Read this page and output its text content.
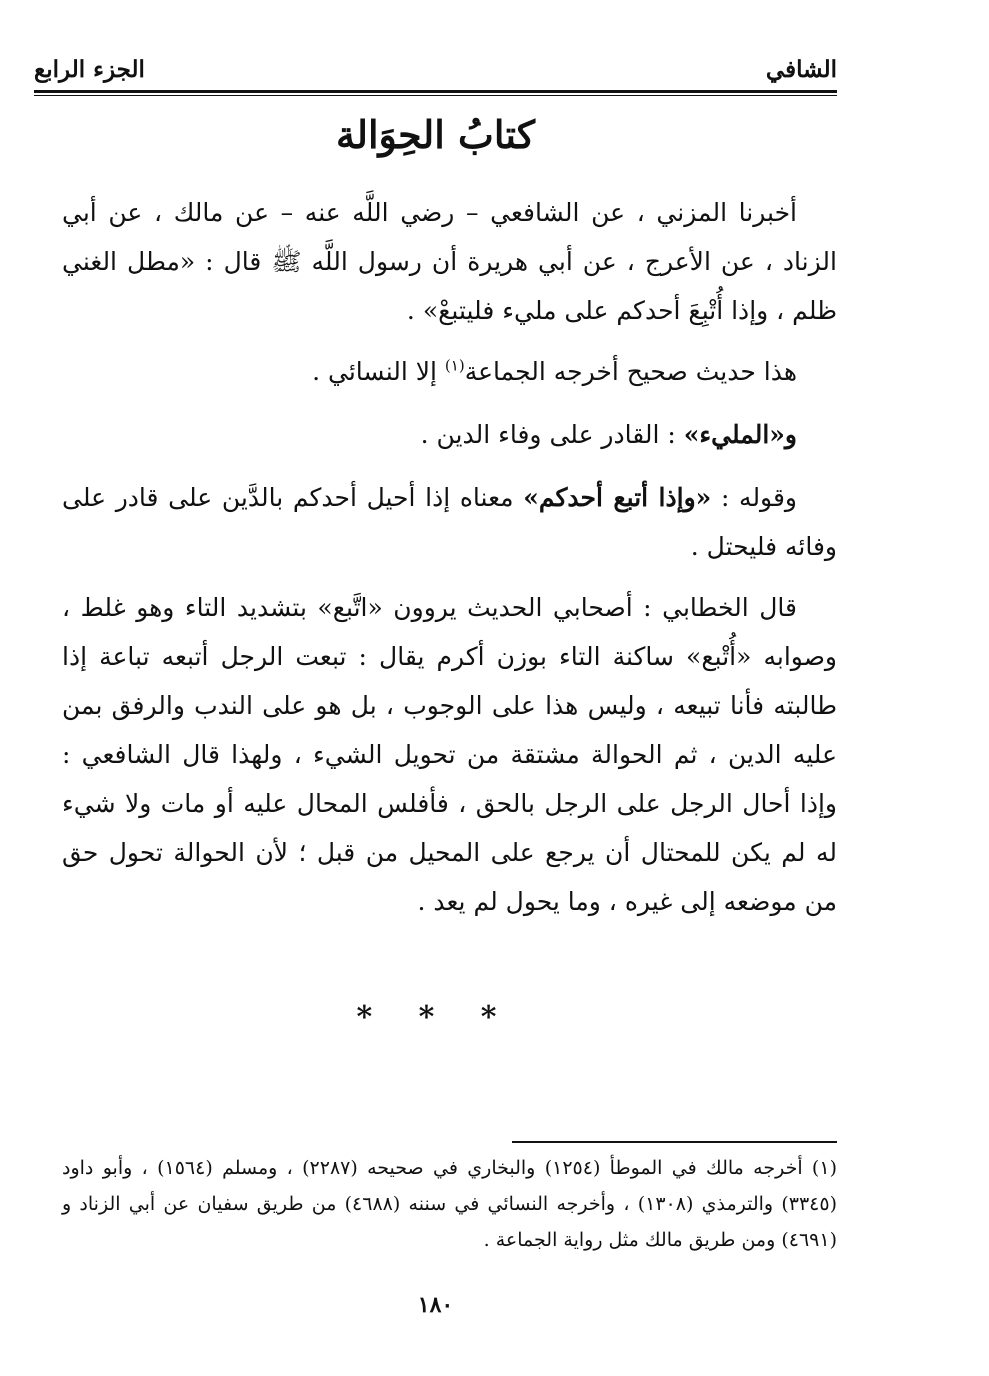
الشافي
الجزء الرابع
كتابُ الحِوَالة

أخبرنا المزني ، عن الشافعي – رضي اللَّه عنه – عن مالك ، عن أبي الزناد ، عن الأعرج ، عن أبي هريرة أن رسول اللَّه ﷺ قال : «مطل الغني ظلم ، وإذا أُتْبِعَ أحدكم على مليء فليتبعْ» .

هذا حديث صحيح أخرجه الجماعة$^{(١)}$ إلا النسائي .

و«المليء» : القادر على وفاء الدين .

وقوله : «وإذا أتبع أحدكم» معناه إذا أحيل أحدكم بالدَّين على قادر على وفائه فليحتل .

قال الخطابي : أصحابي الحديث يروون «اتَّبع» بتشديد التاء وهو غلط ، وصوابه «أُتْبع» ساكنة التاء بوزن أكرم يقال : تبعت الرجل أتبعه تباعة إذا طالبته فأنا تبيعه ، وليس هذا على الوجوب ، بل هو على الندب والرفق بمن عليه الدين ، ثم الحوالة مشتقة من تحويل الشيء ، ولهذا قال الشافعي : وإذا أحال الرجل على الرجل بالحق ، فأفلس المحال عليه أو مات ولا شيء له لم يكن للمحتال أن يرجع على المحيل من قبل ؛ لأن الحوالة تحول حق من موضعه إلى غيره ، وما يحول لم يعد .

* * *

(١) أخرجه مالك في الموطأ (١٢٥٤) والبخاري في صحيحه (٢٢٨٧) ، ومسلم (١٥٦٤) ، وأبو داود (٣٣٤٥) والترمذي (١٣٠٨) ، وأخرجه النسائي في سننه (٤٦٨٨) من طريق سفيان عن أبي الزناد و (٤٦٩١) ومن طريق مالك مثل رواية الجماعة .

١٨٠
